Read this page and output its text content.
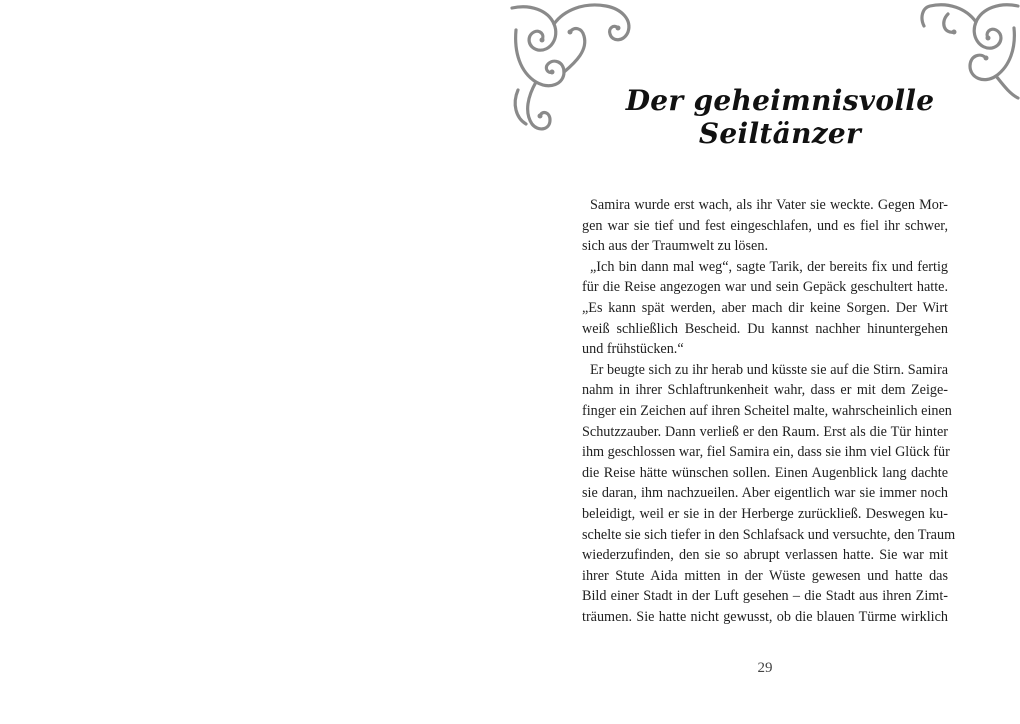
Der geheimnisvolle
Seiltänzer
Samira wurde erst wach, als ihr Vater sie weckte. Gegen Mor-
gen war sie tief und fest eingeschlafen, und es fiel ihr schwer,
sich aus der Traumwelt zu lösen.
„Ich bin dann mal weg“, sagte Tarik, der bereits fix und fertig
für die Reise angezogen war und sein Gepäck geschultert hatte.
„Es kann spät werden, aber mach dir keine Sorgen. Der Wirt
weiß schließlich Bescheid. Du kannst nachher hinuntergehen
und frühstücken.“
Er beugte sich zu ihr herab und küsste sie auf die Stirn. Samira
nahm in ihrer Schlaftrunkenheit wahr, dass er mit dem Zeige-
finger ein Zeichen auf ihren Scheitel malte, wahrscheinlich einen
Schutzzauber. Dann verließ er den Raum. Erst als die Tür hinter
ihm geschlossen war, fiel Samira ein, dass sie ihm viel Glück für
die Reise hätte wünschen sollen. Einen Augenblick lang dachte
sie daran, ihm nachzueilen. Aber eigentlich war sie immer noch
beleidigt, weil er sie in der Herberge zurückließ. Deswegen ku-
schelte sie sich tiefer in den Schlafsack und versuchte, den Traum
wiederzufinden, den sie so abrupt verlassen hatte. Sie war mit
ihrer Stute Aida mitten in der Wüste gewesen und hatte das
Bild einer Stadt in der Luft gesehen – die Stadt aus ihren Zimt-
träumen. Sie hatte nicht gewusst, ob die blauen Türme wirklich
29
